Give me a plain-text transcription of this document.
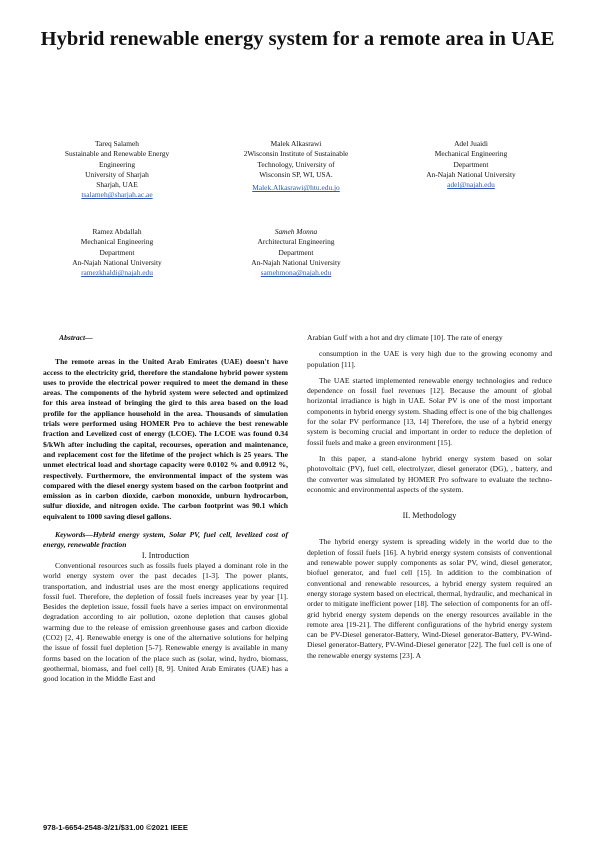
Hybrid renewable energy system for a remote area in UAE
Tareq Salameh
Sustainable and Renewable Energy
Engineering
University of Sharjah
Sharjah, UAE
tsalameh@sharjah.ac.ae
Malek Alkasrawi
2Wisconsin Institute of Sustainable
Technology, University of
Wisconsin SP, WI, USA.
Malek.Alkasrawi@htu.edu.jo
Adel Juaidi
Mechanical Engineering
Department
An-Najah National University
adel@najah.edu
Ramez Abdallah
Mechanical Engineering
Department
An-Najah National University
ramezkhaldi@najah.edu
Sameh Monna
Architectural Engineering
Department
An-Najah National University
samehmona@najah.edu

Abstract—

The remote areas in the United Arab Emirates (UAE) doesn't have access to the electricity grid, therefore the standalone hybrid power system uses to provide the electrical power required to meet the demand in these areas. The components of the hybrid system were selected and optimized for this area instead of bringing the gird to this area based on the load profile for the appliance household in the area. Thousands of simulation trials were performed using HOMER Pro to achieve the best renewable fraction and Levelized cost of energy (LCOE). The LCOE was found 0.34 $/kWh after including the capital, recourses, operation and maintenance, and replacement cost for the lifetime of the project which is 25 years. The unmet electrical load and shortage capacity were 0.0102 % and 0.0912 %, respectively. Furthermore, the environmental impact of the system was compared with the diesel energy system based on the carbon footprint and emission as in carbon dioxide, carbon monoxide, unburn hydrocarbon, sulfur dioxide, and nitrogen oxide. The carbon footprint was 90.1 which equivalent to 1000 saving diesel gallons.

Keywords—Hybrid energy system, Solar PV, fuel cell, levelized cost of energy, renewable fraction

I. Introduction

Conventional resources such as fossils fuels played a dominant role in the world energy system over the past decades [1-3]. The power plants, transportation, and industrial uses are the most energy applications required fossil fuel. Therefore, the depletion of fossil fuels increases year by year [1]. Besides the depletion issue, fossil fuels have a series impact on environmental degradation according to air pollution, ozone depletion that causes global warming due to the release of emission greenhouse gases and carbon dioxide (CO2) [2, 4]. Renewable energy is one of the alternative solutions for helping the issue of fossil fuel depletion [5-7]. Renewable energy is available in many forms based on the location of the place such as (solar, wind, hydro, biomass, geothermal, biomass, and fuel cell) [8, 9]. United Arab Emirates (UAE) has a good location in the Middle East and

Arabian Gulf with a hot and dry climate [10]. The rate of energy

consumption in the UAE is very high due to the growing economy and population [11].

The UAE started implemented renewable energy technologies and reduce dependence on fossil fuel revenues [12]. Because the amount of global horizontal irradiance is high in UAE. Solar PV is one of the most important components in hybrid energy system. Shading effect is one of the big challenges for the solar PV performance [13, 14] Therefore, the use of a hybrid energy system is becoming crucial and important in order to reduce the depletion of fossil fuels and make a green environment [15].

In this paper, a stand-alone hybrid energy system based on solar photovoltaic (PV), fuel cell, electrolyzer, diesel generator (DG), , battery, and the converter was simulated by HOMER Pro software to evaluate the techno-economic and environmental aspects of the system.

II. Methodology

The hybrid energy system is spreading widely in the world due to the depletion of fossil fuels [16]. A hybrid energy system consists of conventional and renewable power supply components as solar PV, wind, diesel generator, biofuel generator, and fuel cell [15]. In addition to the combination of conventional and renewable resources, a hybrid energy system required an energy storage system based on electrical, thermal, hydraulic, and mechanical in order to mitigate inefficient power [18]. The selection of components for an off-grid hybrid energy system depends on the energy resources available in the remote area [19-21]. The different configurations of the hybrid energy system can be PV-Diesel generator-Battery, Wind-Diesel generator-Battery, PV-Wind-Diesel generator-Battery, PV-Wind-Diesel generator [22]. The fuel cell is one of the renewable energy systems [23]. A

978-1-6654-2548-3/21/$31.00 ©2021 IEEE
